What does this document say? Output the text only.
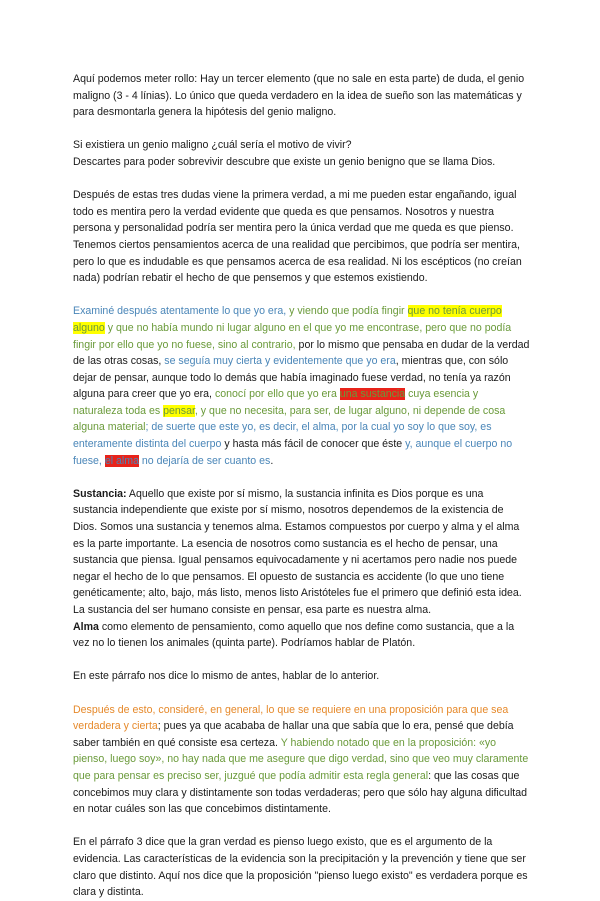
Aquí podemos meter rollo: Hay un tercer elemento (que no sale en esta parte) de duda, el genio maligno (3 - 4 línias). Lo único que queda verdadero en la idea de sueño son las matemáticas y para desmontarla genera la hipótesis del genio maligno.

Si existiera un genio maligno ¿cuál sería el motivo de vivir?

Descartes para poder sobrevivir descubre que existe un genio benigno que se llama Dios.

Después de estas tres dudas viene la primera verdad, a mi me pueden estar engañando, igual todo es mentira pero la verdad evidente que queda es que pensamos. Nosotros y nuestra persona y personalidad podría ser mentira pero la única verdad que me queda es que pienso. Tenemos ciertos pensamientos acerca de una realidad que percibimos, que podría ser mentira, pero lo que es indudable es que pensamos acerca de esa realidad. Ni los escépticos (no creían nada) podrían rebatir el hecho de que pensemos y que estemos existiendo.

Examiné después atentamente lo que yo era, y viendo que podía fingir que no tenía cuerpo alguno y que no había mundo ni lugar alguno en el que yo me encontrase, pero que no podía fingir por ello que yo no fuese, sino al contrario, por lo mismo que pensaba en dudar de la verdad de las otras cosas, se seguía muy cierta y evidentemente que yo era, mientras que, con sólo dejar de pensar, aunque todo lo demás que había imaginado fuese verdad, no tenía ya razón alguna para creer que yo era, conocí por ello que yo era una sustancia cuya esencia y naturaleza toda es pensar, y que no necesita, para ser, de lugar alguno, ni depende de cosa alguna material; de suerte que este yo, es decir, el alma, por la cual yo soy lo que soy, es enteramente distinta del cuerpo y hasta más fácil de conocer que éste y, aunque el cuerpo no fuese, el alma no dejaría de ser cuanto es.

Sustancia: Aquello que existe por sí mismo, la sustancia infinita es Dios porque es una sustancia independiente que existe por sí mismo, nosotros dependemos de la existencia de Dios. Somos una sustancia y tenemos alma. Estamos compuestos por cuerpo y alma y el alma es la parte importante. La esencia de nosotros como sustancia es el hecho de pensar, una sustancia que piensa. Igual pensamos equivocadamente y ni acertamos pero nadie nos puede negar el hecho de lo que pensamos. El opuesto de sustancia es accidente (lo que uno tiene genéticamente; alto, bajo, más listo, menos listo Aristóteles fue el primero que definió esta idea. La sustancia del ser humano consiste en pensar, esa parte es nuestra alma.
Alma como elemento de pensamiento, como aquello que nos define como sustancia, que a la vez no lo tienen los animales (quinta parte). Podríamos hablar de Platón.

En este párrafo nos dice lo mismo de antes, hablar de lo anterior.

Después de esto, consideré, en general, lo que se requiere en una proposición para que sea verdadera y cierta; pues ya que acababa de hallar una que sabía que lo era, pensé que debía saber también en qué consiste esa certeza. Y habiendo notado que en la proposición: «yo pienso, luego soy», no hay nada que me asegure que digo verdad, sino que veo muy claramente que para pensar es preciso ser, juzgué que podía admitir esta regla general: que las cosas que concebimos muy clara y distintamente son todas verdaderas; pero que sólo hay alguna dificultad en notar cuáles son las que concebimos distintamente.

En el párrafo 3 dice que la gran verdad es pienso luego existo, que es el argumento de la evidencia. Las características de la evidencia son la precipitación y la prevención y tiene que ser claro que distinto. Aquí nos dice que la proposición "pienso luego existo" es verdadera porque es clara y distinta.
